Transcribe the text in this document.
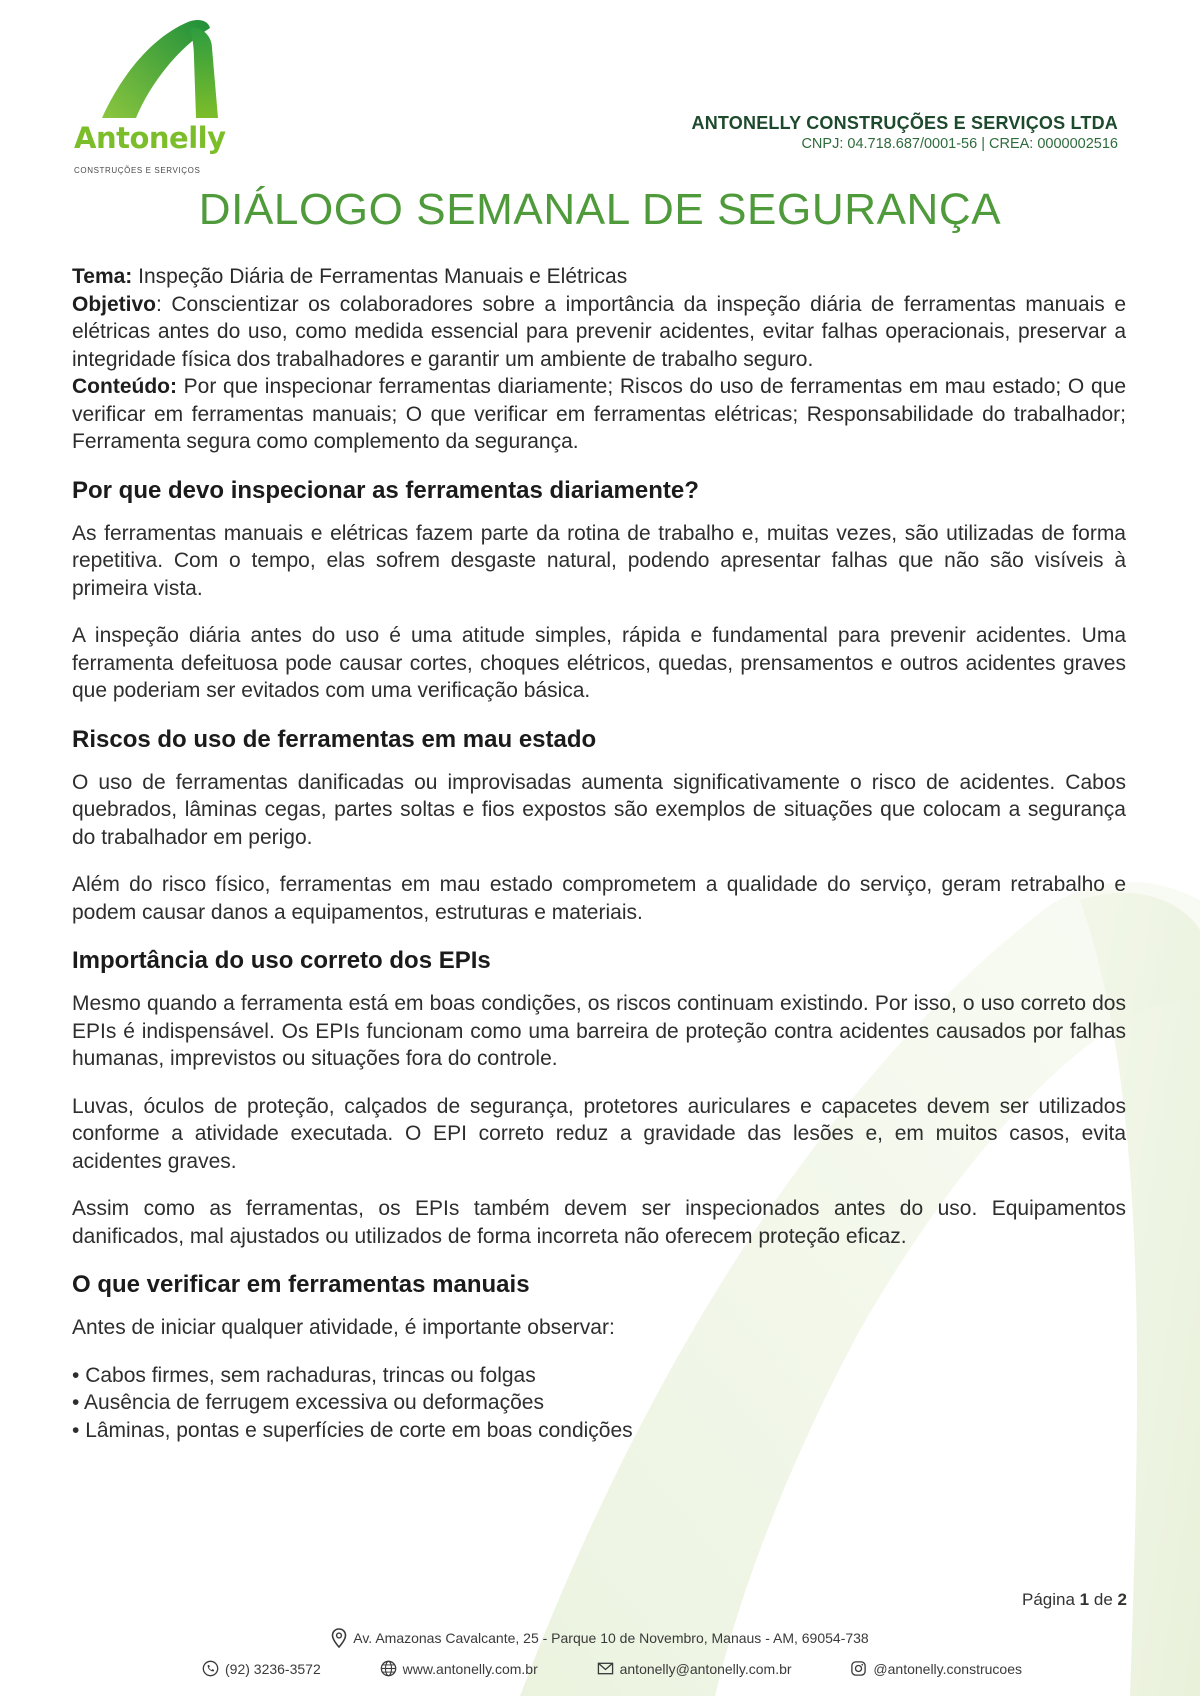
Antonelly
CONSTRUÇÕES E SERVIÇOS
ANTONELLY CONSTRUÇÕES E SERVIÇOS LTDA
CNPJ: 04.718.687/0001-56 | CREA: 0000002516
DIÁLOGO SEMANAL DE SEGURANÇA

Tema: Inspeção Diária de Ferramentas Manuais e Elétricas

Objetivo: Conscientizar os colaboradores sobre a importância da inspeção diária de ferramentas manuais e elétricas antes do uso, como medida essencial para prevenir acidentes, evitar falhas operacionais, preservar a integridade física dos trabalhadores e garantir um ambiente de trabalho seguro.

Conteúdo: Por que inspecionar ferramentas diariamente; Riscos do uso de ferramentas em mau estado; O que verificar em ferramentas manuais; O que verificar em ferramentas elétricas; Responsabilidade do trabalhador; Ferramenta segura como complemento da segurança.

Por que devo inspecionar as ferramentas diariamente?

As ferramentas manuais e elétricas fazem parte da rotina de trabalho e, muitas vezes, são utilizadas de forma repetitiva. Com o tempo, elas sofrem desgaste natural, podendo apresentar falhas que não são visíveis à primeira vista.

A inspeção diária antes do uso é uma atitude simples, rápida e fundamental para prevenir acidentes. Uma ferramenta defeituosa pode causar cortes, choques elétricos, quedas, prensamentos e outros acidentes graves que poderiam ser evitados com uma verificação básica.

Riscos do uso de ferramentas em mau estado

O uso de ferramentas danificadas ou improvisadas aumenta significativamente o risco de acidentes. Cabos quebrados, lâminas cegas, partes soltas e fios expostos são exemplos de situações que colocam a segurança do trabalhador em perigo.

Além do risco físico, ferramentas em mau estado comprometem a qualidade do serviço, geram retrabalho e podem causar danos a equipamentos, estruturas e materiais.

Importância do uso correto dos EPIs

Mesmo quando a ferramenta está em boas condições, os riscos continuam existindo. Por isso, o uso correto dos EPIs é indispensável. Os EPIs funcionam como uma barreira de proteção contra acidentes causados por falhas humanas, imprevistos ou situações fora do controle.

Luvas, óculos de proteção, calçados de segurança, protetores auriculares e capacetes devem ser utilizados conforme a atividade executada. O EPI correto reduz a gravidade das lesões e, em muitos casos, evita acidentes graves.

Assim como as ferramentas, os EPIs também devem ser inspecionados antes do uso. Equipamentos danificados, mal ajustados ou utilizados de forma incorreta não oferecem proteção eficaz.

O que verificar em ferramentas manuais

Antes de iniciar qualquer atividade, é importante observar:

• Cabos firmes, sem rachaduras, trincas ou folgas
• Ausência de ferrugem excessiva ou deformações
• Lâminas, pontas e superfícies de corte em boas condições
Página 1 de 2
Av. Amazonas Cavalcante, 25 - Parque 10 de Novembro, Manaus - AM, 69054-738
(92) 3236-3572	www.antonelly.com.br	antonelly@antonelly.com.br	@antonelly.construcoes
